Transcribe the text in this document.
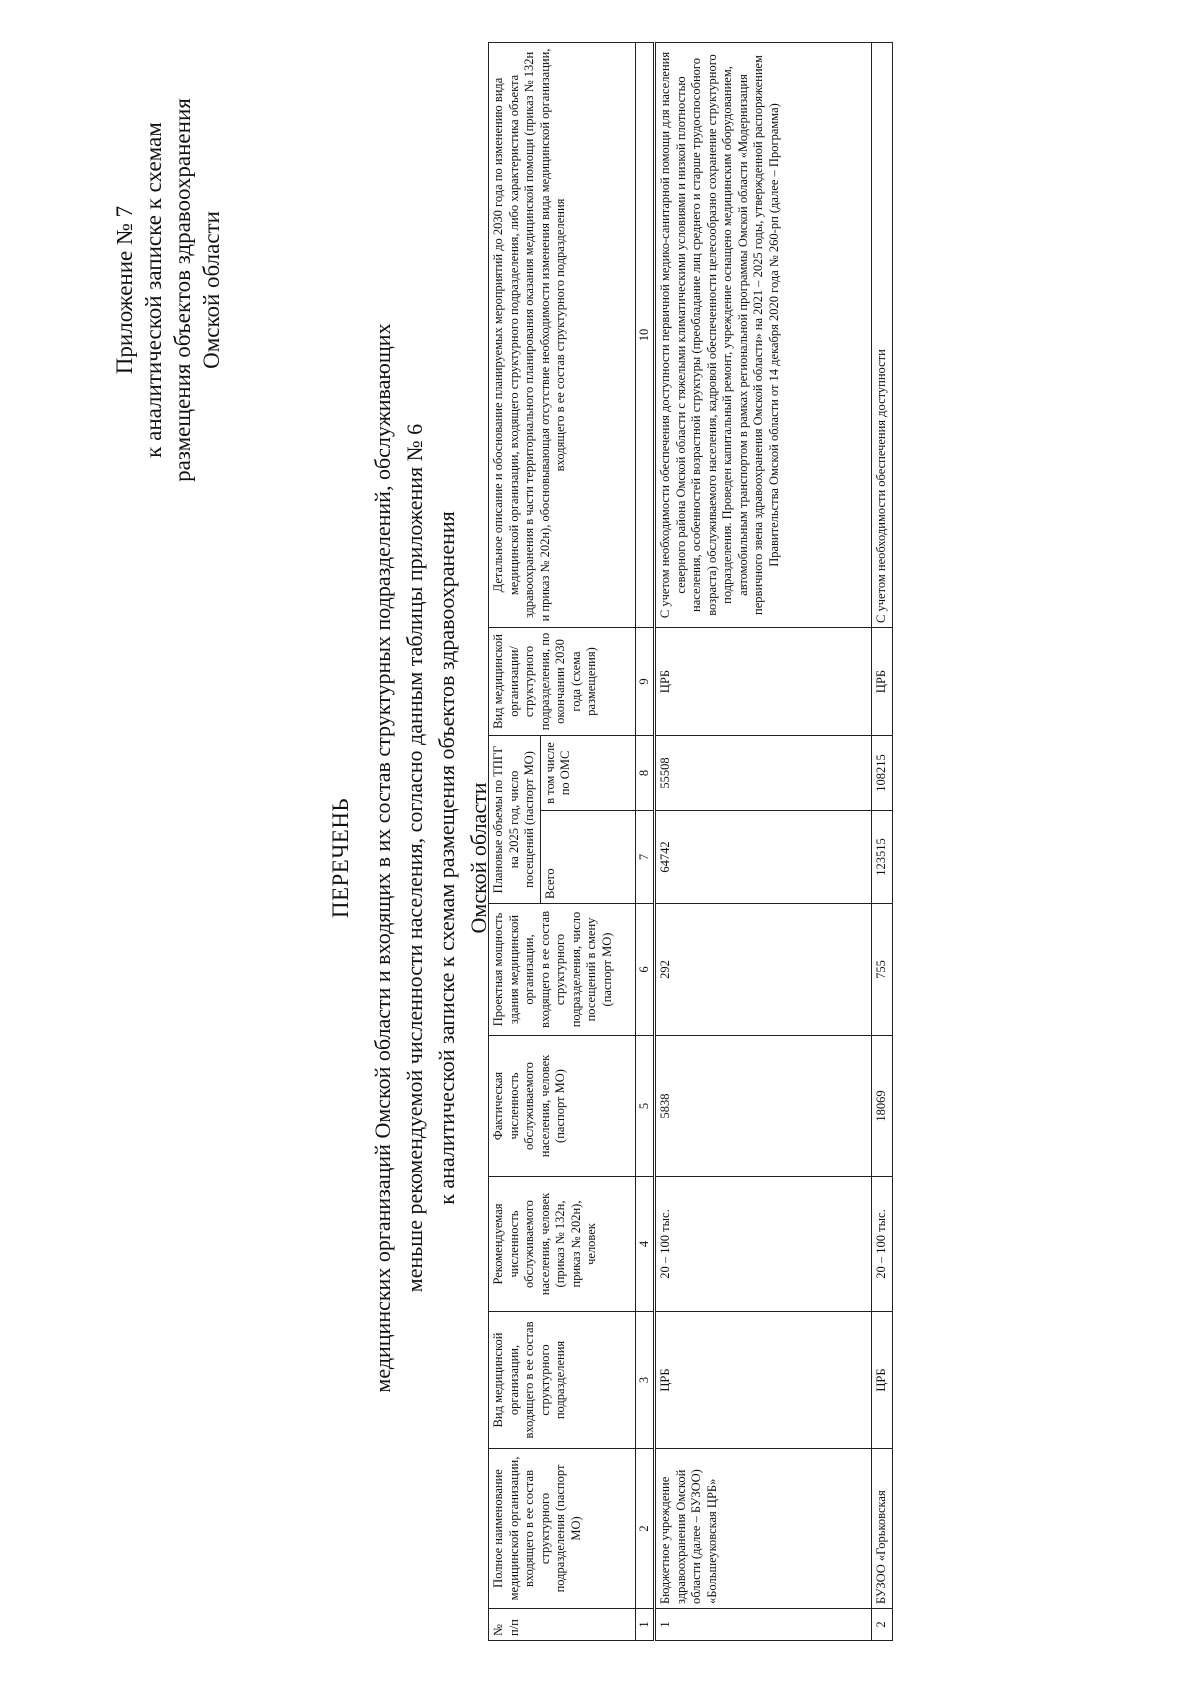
Приложение № 7 к аналитической записке к схемам размещения объектов здравоохранения Омской области
ПЕРЕЧЕНЬ медицинских организаций Омской области и входящих в их состав структурных подразделений, обслуживающих меньше рекомендуемой численности населения, согласно данным таблицы приложения № 6 к аналитической записке к схемам размещения объектов здравоохранения Омской области
№ п/п	Полное наименование медицинской организации, входящего в ее состав структурного подразделения (паспорт МО)	Вид медицинской организации, входящего в ее состав структурного подразделения	Рекомендуемая численность обслуживаемого населения, человек (приказ № 132н, приказ № 202н), человек	Фактическая численность обслуживаемого населения, человек (паспорт МО)	Проектная мощность здания медицинской организации, входящего в ее состав структурного подразделения, число посещений в смену (паспорт МО)	Плановые объемы по ТПГГ на 2025 год, число посещений (паспорт МО)		Вид медицинской организации/ структурного подразделения, по окончании 2030 года (схема размещения)	Детальное описание и обоснование планируемых мероприятий до 2030 года по изменению вида медицинской организации, входящего структурного подразделения, либо характеристика объекта здравоохранения в части территориального планирования оказания медицинской помощи (приказ № 132н и приказ № 202н), обосновывающая отсутствие необходимости изменения вида медицинской организации, входящего в ее состав структурного подразделения
						Всего	в том числе по ОМС		
1	2	3	4	5	6	7	8	9	10
1	Бюджетное учреждение здравоохранения Омской области (далее – БУЗОО) «Большеуковская ЦРБ»	ЦРБ	20 – 100 тыс.	5838	292	64742	55508	ЦРБ	С учетом необходимости обеспечения доступности первичной медико-санитарной помощи для населения северного района Омской области с тяжелыми климатическими условиями и низкой плотностью населения, особенностей возрастной структуры (преобладание лиц среднего и старше трудоспособного возраста) обслуживаемого населения, кадровой обеспеченности целесообразно сохранение структурного подразделения. Проведен капитальный ремонт, учреждение оснащено медицинским оборудованием, автомобильным транспортом в рамках региональной программы Омской области «Модернизация первичного звена здравоохранения Омской области» на 2021 – 2025 годы, утвержденной распоряжением Правительства Омской области от 14 декабря 2020 года № 260-рп (далее – Программа)
2	БУЗОО «Горьковская	ЦРБ	20 – 100 тыс.	18069	755	123515	108215	ЦРБ	С учетом необходимости обеспечения доступности
